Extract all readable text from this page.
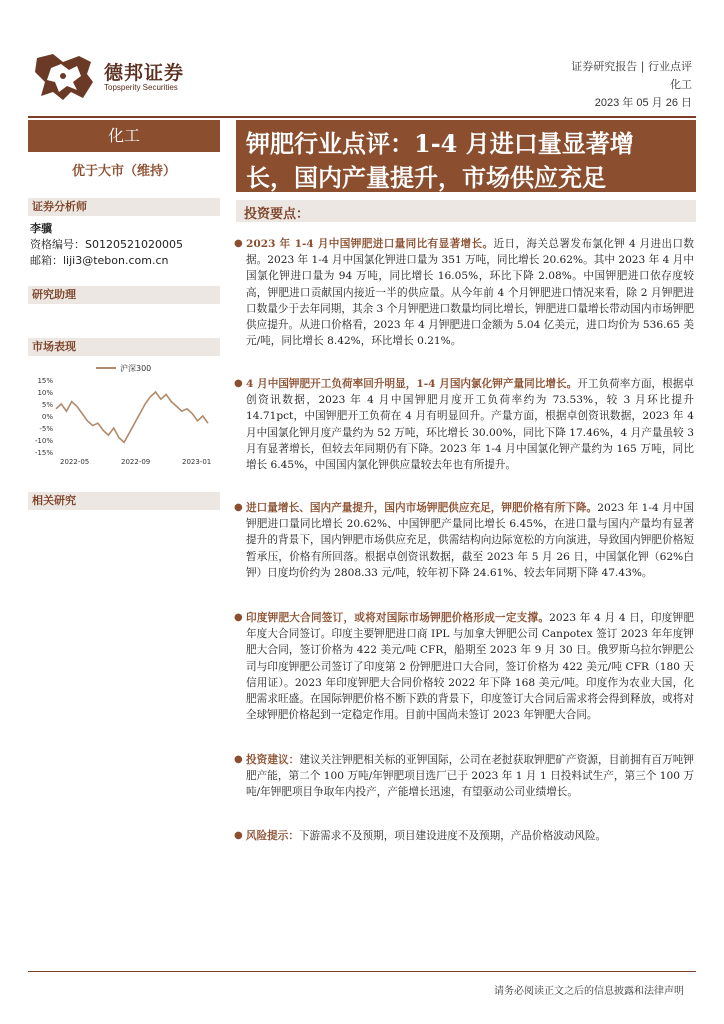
德邦证券
Topsperity Securities
证券研究报告 | 行业点评
化工
2023 年 05 月 26 日
化工
优于大市（维持）
钾肥行业点评：1-4 月进口量显著增
长，国内产量提升，市场供应充足
证券分析师
李骥
资格编号：S0120521020005
邮箱：liji3@tebon.com.cn
研究助理
市场表现
沪深300
15%
10%
5%
0%
-5%
-10%
-15%
2022-05	2022-09	2023-01
相关研究
投资要点：
● 2023 年 1-4 月中国钾肥进口量同比有显著增长。近日，海关总署发布氯化钾 4 月进出口数据。2023 年 1-4 月中国氯化钾进口量为 351 万吨，同比增长 20.62%。其中 2023 年 4 月中国氯化钾进口量为 94 万吨，同比增长 16.05%，环比下降 2.08%。中国钾肥进口依存度较高，钾肥进口贡献国内接近一半的供应量。从今年前 4 个月钾肥进口情况来看，除 2 月钾肥进口数量少于去年同期，其余 3 个月钾肥进口数量均同比增长，钾肥进口量增长带动国内市场钾肥供应提升。从进口价格看，2023 年 4 月钾肥进口金额为 5.04 亿美元，进口均价为 536.65 美元/吨，同比增长 8.42%，环比增长 0.21%。
● 4 月中国钾肥开工负荷率回升明显，1-4 月国内氯化钾产量同比增长。开工负荷率方面，根据卓创资讯数据，2023 年 4 月中国钾肥月度开工负荷率约为 73.53%，较 3 月环比提升 14.71pct，中国钾肥开工负荷在 4 月有明显回升。产量方面，根据卓创资讯数据，2023 年 4 月中国氯化钾月度产量约为 52 万吨，环比增长 30.00%，同比下降 17.46%，4 月产量虽较 3 月有显著增长，但较去年同期仍有下降。2023 年 1-4 月中国氯化钾产量约为 165 万吨，同比增长 6.45%，中国国内氯化钾供应量较去年也有所提升。
● 进口量增长、国内产量提升，国内市场钾肥供应充足，钾肥价格有所下降。2023 年 1-4 月中国钾肥进口量同比增长 20.62%、中国钾肥产量同比增长 6.45%，在进口量与国内产量均有显著提升的背景下，国内钾肥市场供应充足，供需结构向边际宽松的方向演进，导致国内钾肥价格短暂承压，价格有所回落。根据卓创资讯数据，截至 2023 年 5 月 26 日，中国氯化钾（62%白钾）日度均价约为 2808.33 元/吨，较年初下降 24.61%、较去年同期下降 47.43%。
● 印度钾肥大合同签订，或将对国际市场钾肥价格形成一定支撑。2023 年 4 月 4 日，印度钾肥年度大合同签订。印度主要钾肥进口商 IPL 与加拿大钾肥公司 Canpotex 签订 2023 年年度钾肥大合同，签订价格为 422 美元/吨 CFR，船期至 2023 年 9 月 30 日。俄罗斯乌拉尔钾肥公司与印度钾肥公司签订了印度第 2 份钾肥进口大合同，签订价格为 422 美元/吨 CFR（180 天信用证）。2023 年印度钾肥大合同价格较 2022 年下降 168 美元/吨。印度作为农业大国，化肥需求旺盛。在国际钾肥价格不断下跌的背景下，印度签订大合同后需求将会得到释放，或将对全球钾肥价格起到一定稳定作用。目前中国尚未签订 2023 年钾肥大合同。
● 投资建议：建议关注钾肥相关标的亚钾国际，公司在老挝获取钾肥矿产资源，目前拥有百万吨钾肥产能，第二个 100 万吨/年钾肥项目选厂已于 2023 年 1 月 1 日投料试生产，第三个 100 万吨/年钾肥项目争取年内投产，产能增长迅速，有望驱动公司业绩增长。
● 风险提示：下游需求不及预期，项目建设进度不及预期，产品价格波动风险。
请务必阅读正文之后的信息披露和法律声明
